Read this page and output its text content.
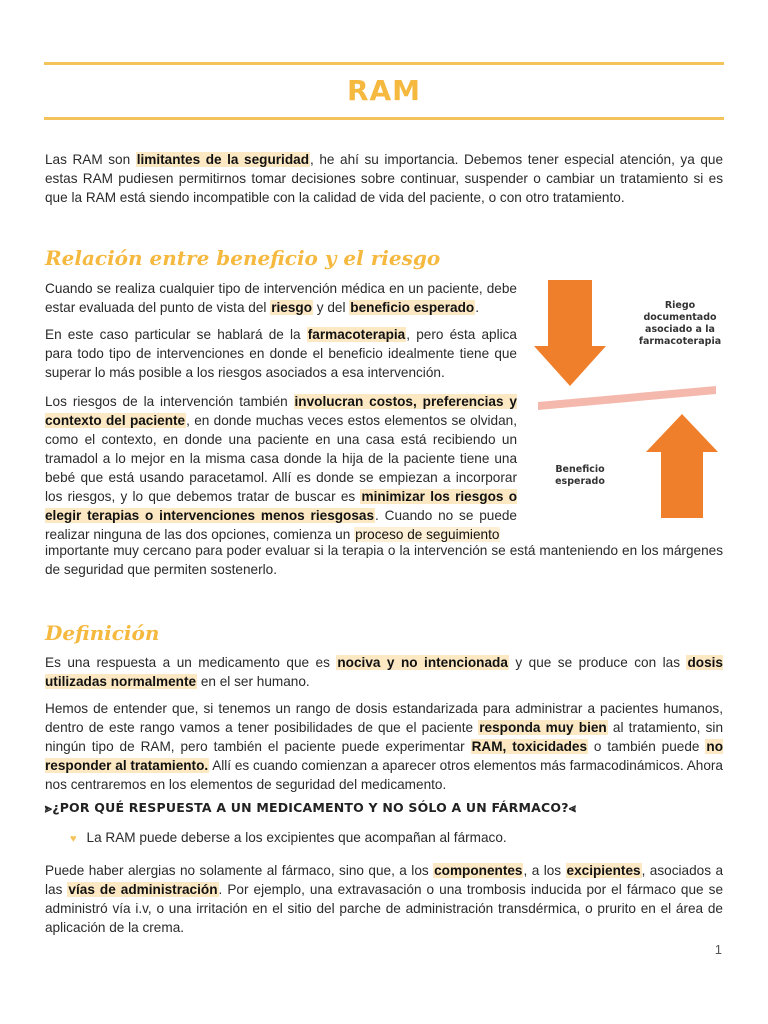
RAM

Las RAM son limitantes de la seguridad, he ahí su importancia. Debemos tener especial atención, ya que estas RAM pudiesen permitirnos tomar decisiones sobre continuar, suspender o cambiar un tratamiento si es que la RAM está siendo incompatible con la calidad de vida del paciente, o con otro tratamiento.

Relación entre beneficio y el riesgo

Cuando se realiza cualquier tipo de intervención médica en un paciente, debe estar evaluada del punto de vista del riesgo y del beneficio esperado.

En este caso particular se hablará de la farmacoterapia, pero ésta aplica para todo tipo de intervenciones en donde el beneficio idealmente tiene que superar lo más posible a los riesgos asociados a esa intervención.

Los riesgos de la intervención también involucran costos, preferencias y contexto del paciente, en donde muchas veces estos elementos se olvidan, como el contexto, en donde una paciente en una casa está recibiendo un tramadol a lo mejor en la misma casa donde la hija de la paciente tiene una bebé que está usando paracetamol. Allí es donde se empiezan a incorporar los riesgos, y lo que debemos tratar de buscar es minimizar los riesgos o elegir terapias o intervenciones menos riesgosas. Cuando no se puede realizar ninguna de las dos opciones, comienza un proceso de seguimiento

importante muy cercano para poder evaluar si la terapia o la intervención se está manteniendo en los márgenes de seguridad que permiten sostenerlo.

Riego documentado asociado a la farmacoterapia
Beneficio esperado
Definición

Es una respuesta a un medicamento que es nociva y no intencionada y que se produce con las dosis utilizadas normalmente en el ser humano.

Hemos de entender que, si tenemos un rango de dosis estandarizada para administrar a pacientes humanos, dentro de este rango vamos a tener posibilidades de que el paciente responda muy bien al tratamiento, sin ningún tipo de RAM, pero también el paciente puede experimentar RAM, toxicidades o también puede no responder al tratamiento. Allí es cuando comienzan a aparecer otros elementos más farmacodinámicos. Ahora nos centraremos en los elementos de seguridad del medicamento.

⪢¿POR QUÉ RESPUESTA A UN MEDICAMENTO Y NO SÓLO A UN FÁRMACO?⪡
♥ La RAM puede deberse a los excipientes que acompañan al fármaco.

Puede haber alergias no solamente al fármaco, sino que, a los componentes, a los excipientes, asociados a las vías de administración. Por ejemplo, una extravasación o una trombosis inducida por el fármaco que se administró vía i.v, o una irritación en el sitio del parche de administración transdérmica, o prurito en el área de aplicación de la crema.

1
